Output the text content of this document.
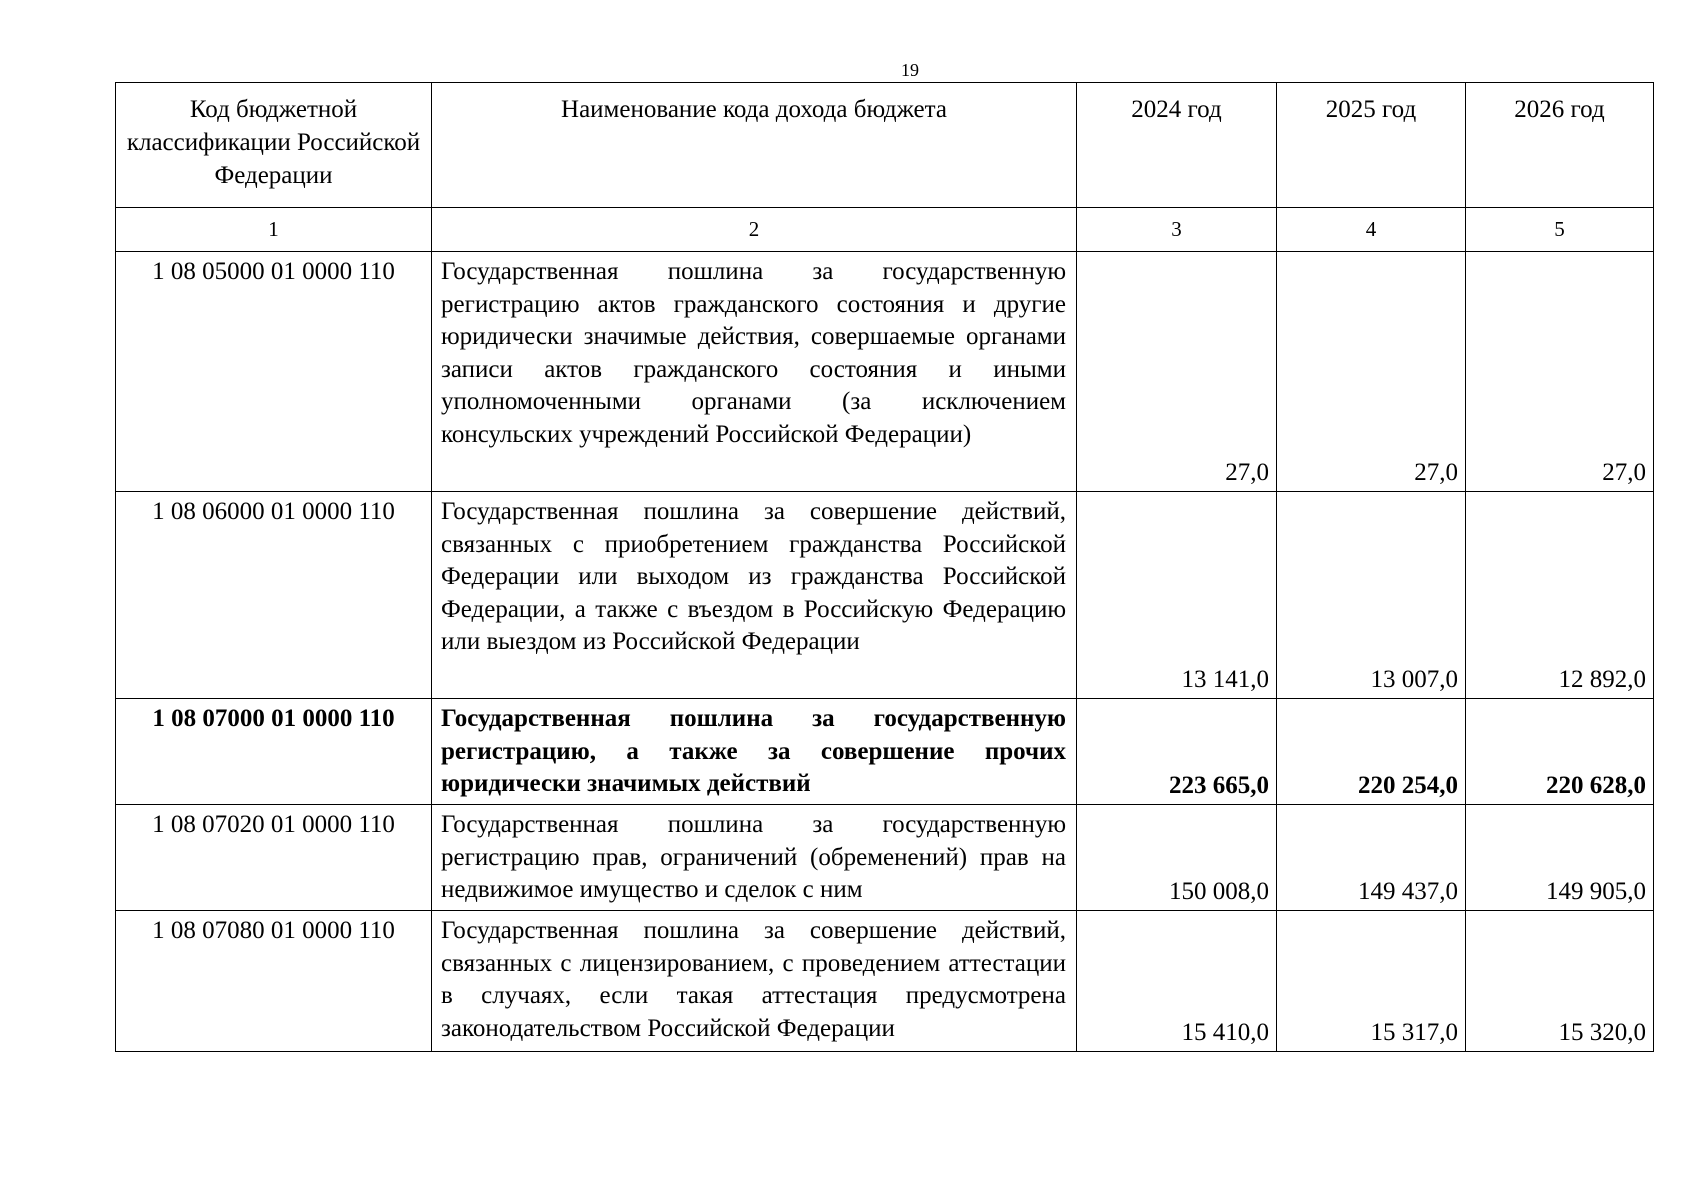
19
Код бюджетной классификации Российской Федерации	Наименование кода дохода бюджета	2024 год	2025 год	2026 год
1	2	3	4	5
1 08 05000 01 0000 110	Государственная пошлина за государственную регистрацию актов гражданского состояния и другие юридически значимые действия, совершаемые органами записи актов гражданского состояния и иными уполномоченными органами (за исключением консульских учреждений Российской Федерации)	27,0	27,0	27,0
1 08 06000 01 0000 110	Государственная пошлина за совершение действий, связанных с приобретением гражданства Российской Федерации или выходом из гражданства Российской Федерации, а также с въездом в Российскую Федерацию или выездом из Российской Федерации	13 141,0	13 007,0	12 892,0
1 08 07000 01 0000 110	Государственная пошлина за государственную регистрацию, а также за совершение прочих юридически значимых действий	223 665,0	220 254,0	220 628,0
1 08 07020 01 0000 110	Государственная пошлина за государственную регистрацию прав, ограничений (обременений) прав на недвижимое имущество и сделок с ним	150 008,0	149 437,0	149 905,0
1 08 07080 01 0000 110	Государственная пошлина за совершение действий, связанных с лицензированием, с проведением аттестации в случаях, если такая аттестация предусмотрена законодательством Российской Федерации	15 410,0	15 317,0	15 320,0
